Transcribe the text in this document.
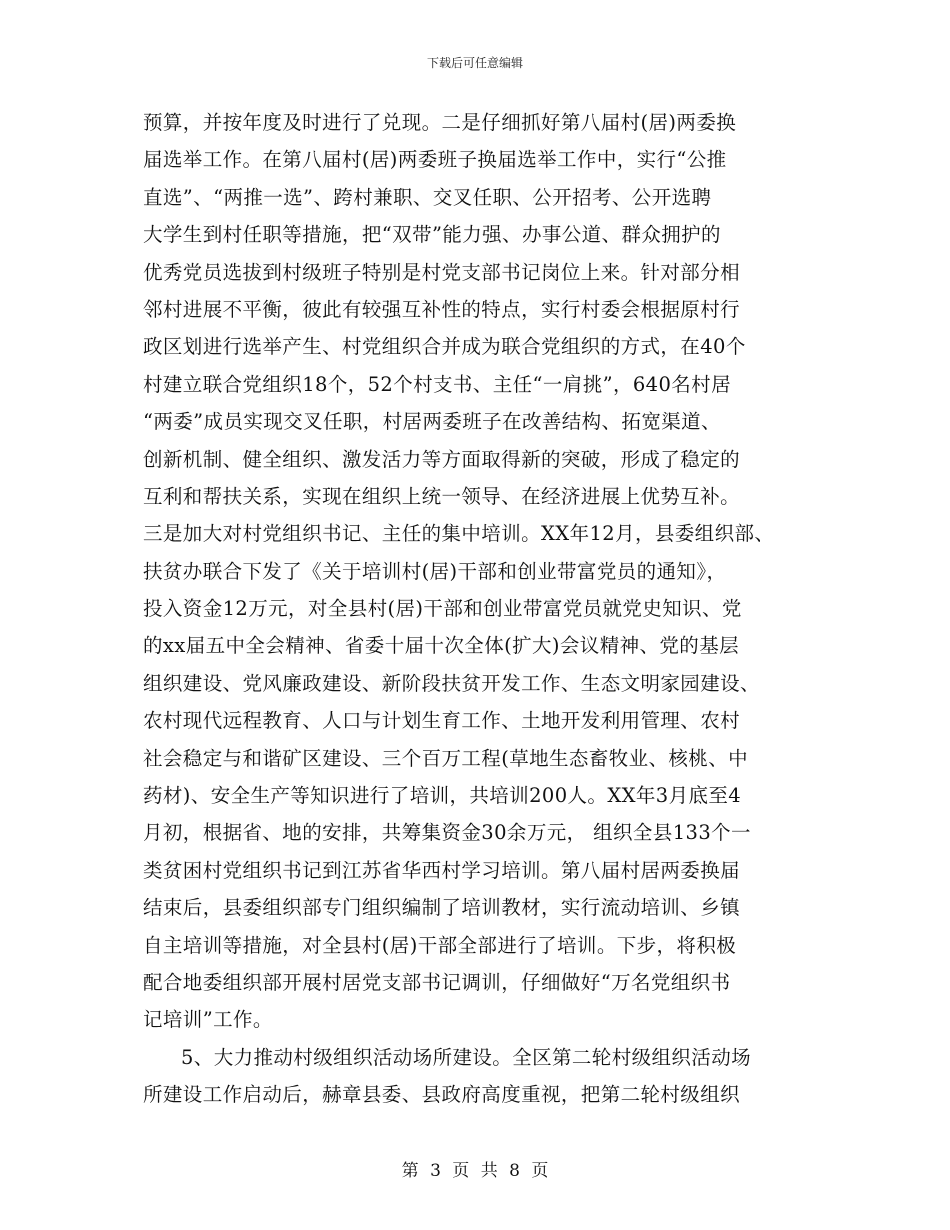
下载后可任意编辑
预算，并按年度及时进行了兑现。二是仔细抓好第八届村(居)两委换
届选举工作。在第八届村(居)两委班子换届选举工作中，实行“公推
直选”、“两推一选”、跨村兼职、交叉任职、公开招考、公开选聘
大学生到村任职等措施，把“双带”能力强、办事公道、群众拥护的
优秀党员选拔到村级班子特别是村党支部书记岗位上来。针对部分相
邻村进展不平衡，彼此有较强互补性的特点，实行村委会根据原村行
政区划进行选举产生、村党组织合并成为联合党组织的方式，在40个
村建立联合党组织18个，52个村支书、主任“一肩挑”，640名村居
“两委”成员实现交叉任职，村居两委班子在改善结构、拓宽渠道、
创新机制、健全组织、激发活力等方面取得新的突破，形成了稳定的
互利和帮扶关系，实现在组织上统一领导、在经济进展上优势互补。
三是加大对村党组织书记、主任的集中培训。XX年12月，县委组织部、
扶贫办联合下发了《关于培训村(居)干部和创业带富党员的通知》，
投入资金12万元，对全县村(居)干部和创业带富党员就党史知识、党
的xx届五中全会精神、省委十届十次全体(扩大)会议精神、党的基层
组织建设、党风廉政建设、新阶段扶贫开发工作、生态文明家园建设、
农村现代远程教育、人口与计划生育工作、土地开发利用管理、农村
社会稳定与和谐矿区建设、三个百万工程(草地生态畜牧业、核桃、中
药材)、安全生产等知识进行了培训，共培训200人。XX年3月底至4
月初，根据省、地的安排，共筹集资金30余万元， 组织全县133个一
类贫困村党组织书记到江苏省华西村学习培训。第八届村居两委换届
结束后，县委组织部专门组织编制了培训教材，实行流动培训、乡镇
自主培训等措施，对全县村(居)干部全部进行了培训。下步，将积极
配合地委组织部开展村居党支部书记调训，仔细做好“万名党组织书
记培训”工作。
5、大力推动村级组织活动场所建设。全区第二轮村级组织活动场
所建设工作启动后，赫章县委、县政府高度重视，把第二轮村级组织
第 3 页 共 8 页
